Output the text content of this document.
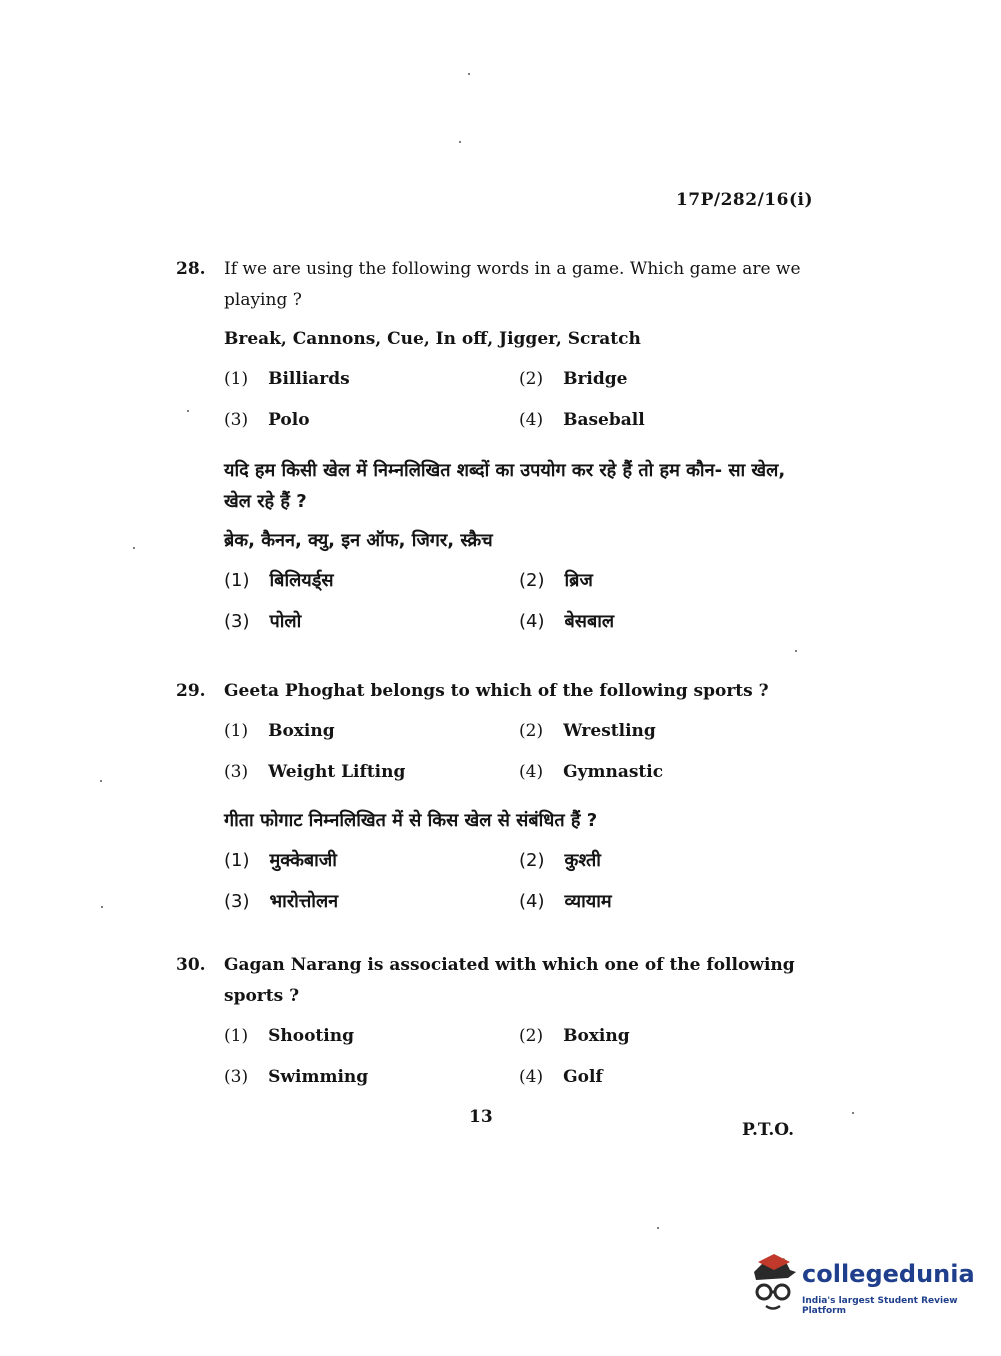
17P/282/16(i)
28. If we are using the following words in a game. Which game are we playing ?
Break, Cannons, Cue, In off, Jigger, Scratch
(1) Billiards	(2) Bridge
(3) Polo	(4) Baseball
यदि हम किसी खेल में निम्नलिखित शब्दों का उपयोग कर रहे हैं तो हम कौन- सा खेल, खेल रहे हैं ?
ब्रेक, कैनन, क्यु, इन ऑफ, जिगर, स्क्रैच
(1) बिलियर्ड्स	(2) ब्रिज
(3) पोलो	(4) बेसबाल
29. Geeta Phoghat belongs to which of the following sports ?
(1) Boxing	(2) Wrestling
(3) Weight Lifting	(4) Gymnastic
गीता फोगाट निम्नलिखित में से किस खेल से संबंधित हैं ?
(1) मुक्केबाजी	(2) कुश्ती
(3) भारोत्तोलन	(4) व्यायाम
30. Gagan Narang is associated with which one of the following sports ?
(1) Shooting	(2) Boxing
(3) Swimming	(4) Golf
13
P.T.O.
collegedunia
India's largest Student Review Platform
